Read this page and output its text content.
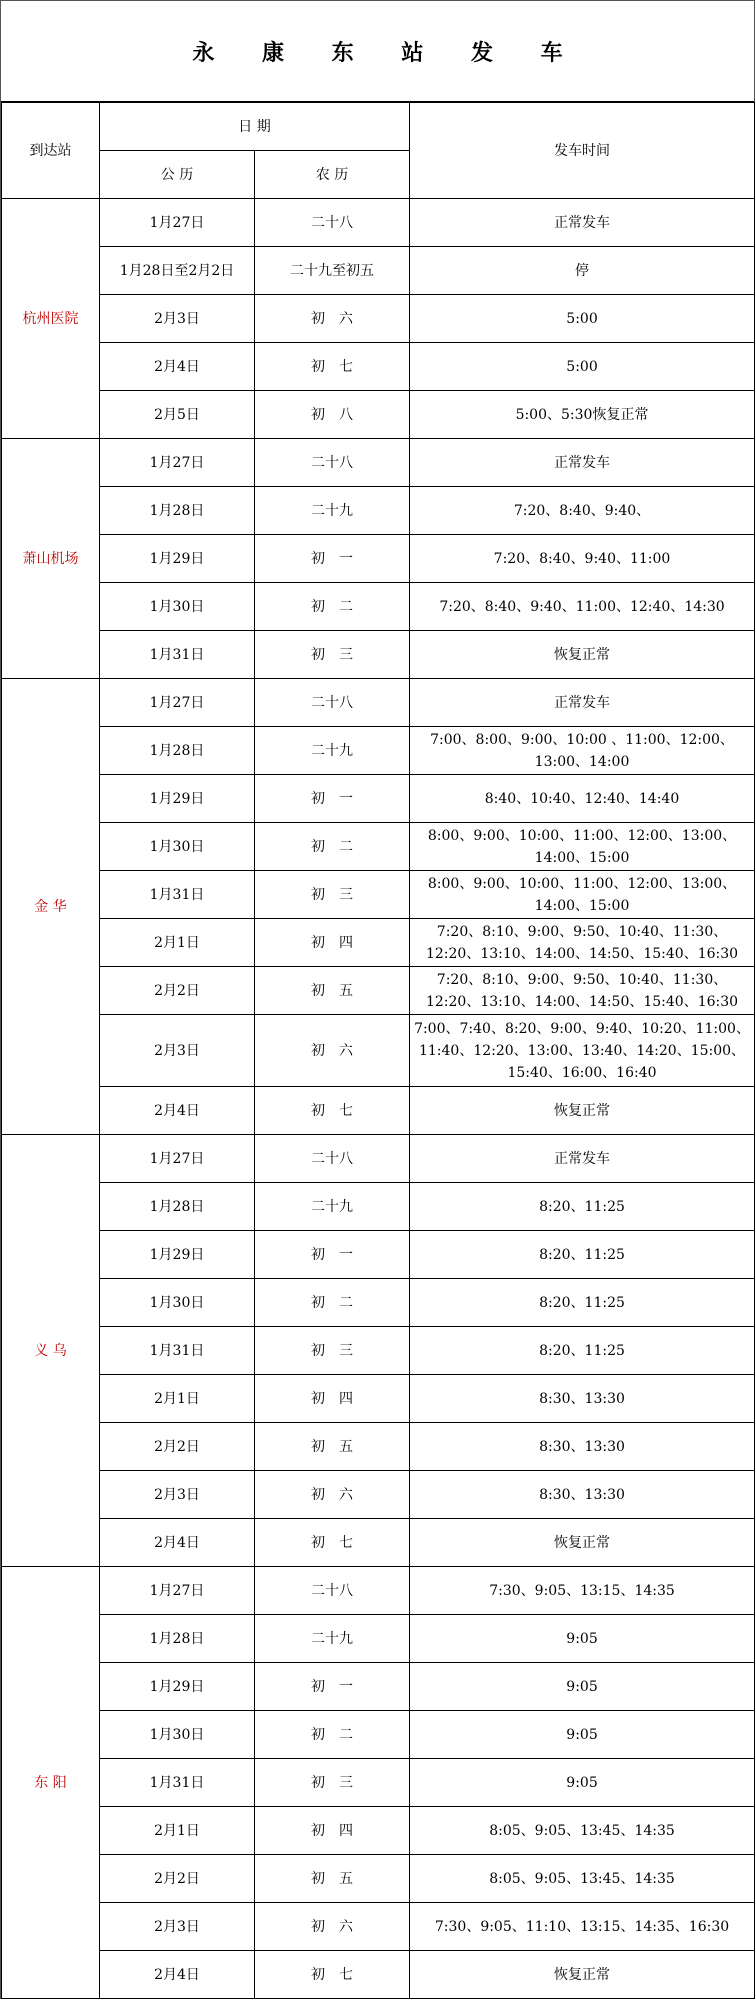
永 康 东 站 发 车
到达站	日 期		发车时间
	公 历	农 历	
杭州医院	1月27日	二十八	正常发车
	1月28日至2月2日	二十九至初五	停
	2月3日	初　六	5:00
	2月4日	初　七	5:00
	2月5日	初　八	5:00、5:30恢复正常
萧山机场	1月27日	二十八	正常发车
	1月28日	二十九	7:20、8:40、9:40、
	1月29日	初　一	7:20、8:40、9:40、11:00
	1月30日	初　二	7:20、8:40、9:40、11:00、12:40、14:30
	1月31日	初　三	恢复正常
金 华	1月27日	二十八	正常发车
	1月28日	二十九	7:00、8:00、9:00、10:00 、11:00、12:00、13:00、14:00
	1月29日	初　一	8:40、10:40、12:40、14:40
	1月30日	初　二	8:00、9:00、10:00、11:00、12:00、13:00、14:00、15:00
	1月31日	初　三	8:00、9:00、10:00、11:00、12:00、13:00、14:00、15:00
	2月1日	初　四	7:20、8:10、9:00、9:50、10:40、11:30、12:20、13:10、14:00、14:50、15:40、16:30
	2月2日	初　五	7:20、8:10、9:00、9:50、10:40、11:30、12:20、13:10、14:00、14:50、15:40、16:30
	2月3日	初　六	7:00、7:40、8:20、9:00、9:40、10:20、11:00、11:40、12:20、13:00、13:40、14:20、15:00、15:40、16:00、16:40
	2月4日	初　七	恢复正常
义 乌	1月27日	二十八	正常发车
	1月28日	二十九	8:20、11:25
	1月29日	初　一	8:20、11:25
	1月30日	初　二	8:20、11:25
	1月31日	初　三	8:20、11:25
	2月1日	初　四	8:30、13:30
	2月2日	初　五	8:30、13:30
	2月3日	初　六	8:30、13:30
	2月4日	初　七	恢复正常
东 阳	1月27日	二十八	7:30、9:05、13:15、14:35
	1月28日	二十九	9:05
	1月29日	初　一	9:05
	1月30日	初　二	9:05
	1月31日	初　三	9:05
	2月1日	初　四	8:05、9:05、13:45、14:35
	2月2日	初　五	8:05、9:05、13:45、14:35
	2月3日	初　六	7:30、9:05、11:10、13:15、14:35、16:30
	2月4日	初　七	恢复正常
